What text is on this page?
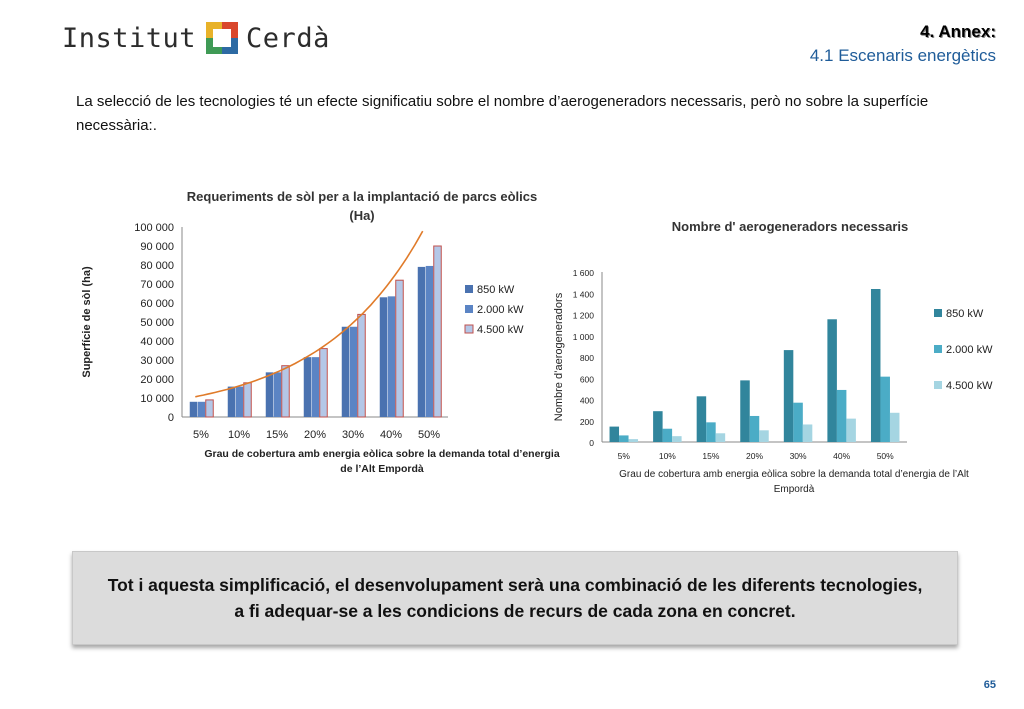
Institut Cerdà	4. Annex:
4.1 Escenaris energètics
La selecció de les tecnologies té un efecte significatiu sobre el nombre d’aerogeneradors necessaris, però no sobre la superfície necessària:.
Requeriments de sòl per a la implantació de parcs eòlics
(Ha)
Superfície de sòl (ha)
0
10 000
20 000
30 000
40 000
50 000
60 000
70 000
80 000
90 000
100 000
5% 10% 15% 20% 30% 40% 50%
Grau de cobertura amb energia eòlica sobre la demanda total d’energia
de l’Alt Empordà
850 kW
2.000 kW
4.500 kW
Nombre d' aerogeneradors necessaris
Nombre d’aerogeneradors
0
200
400
600
800
1 000
1 200
1 400
1 600
5%	10%	15%	20%	30%	40%	50%
Grau de cobertura amb energia eòlica sobre la demanda total d’energia de l’Alt
Empordà
850 kW
2.000 kW
4.500 kW
Tot i aquesta simplificació, el desenvolupament serà una combinació de les diferents tecnologies,
a fi adequar-se a les condicions de recurs de cada zona en concret.
65
